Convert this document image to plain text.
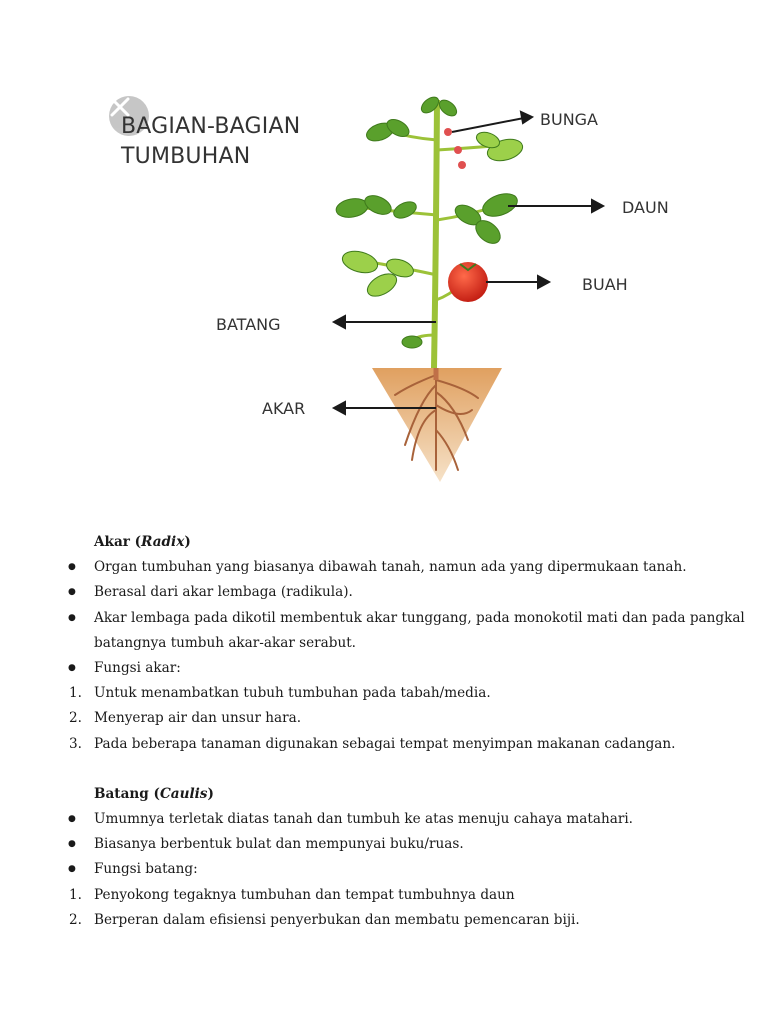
BAGIAN-BAGIAN
TUMBUHAN
BUNGA
DAUN
BUAH
BATANG
AKAR
Akar (Radix)
●	Organ tumbuhan yang biasanya dibawah tanah, namun ada yang dipermukaan tanah.
●	Berasal dari akar lembaga (radikula).
●	Akar lembaga pada dikotil membentuk akar tunggang, pada monokotil mati dan pada pangkal
batangnya tumbuh akar-akar serabut.
●	Fungsi akar:
1. Untuk menambatkan tubuh tumbuhan pada tabah/media.
2. Menyerap air dan unsur hara.
3. Pada beberapa tanaman digunakan sebagai tempat menyimpan makanan cadangan.
Batang (Caulis)
●	Umumnya terletak diatas tanah dan tumbuh ke atas menuju cahaya matahari.
●	Biasanya berbentuk bulat dan mempunyai buku/ruas.
●	Fungsi batang:
1. Penyokong tegaknya tumbuhan dan tempat tumbuhnya daun
2. Berperan dalam efisiensi penyerbukan dan membatu pemencaran biji.
